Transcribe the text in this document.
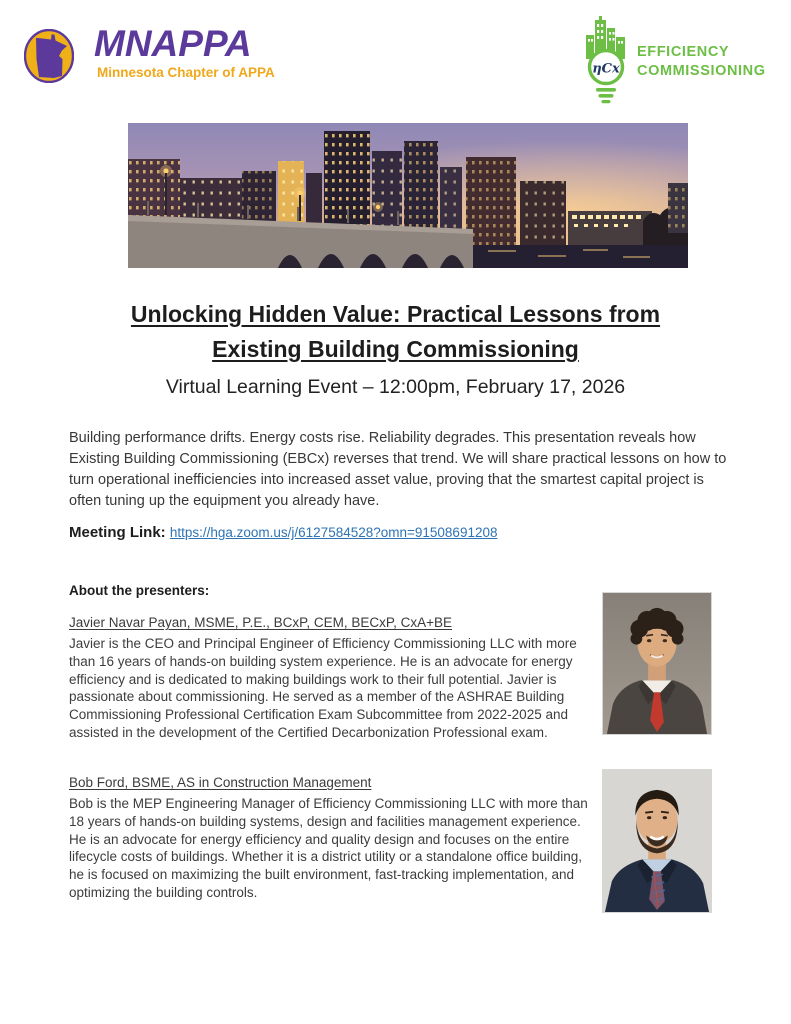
MNAPPA
Minnesota Chapter of APPA	ηCx
EFFICIENCY
COMMISSIONING
Unlocking Hidden Value: Practical Lessons from
Existing Building Commissioning
Virtual Learning Event – 12:00pm, February 17, 2026
Building performance drifts. Energy costs rise. Reliability degrades. This presentation reveals how Existing Building Commissioning (EBCx) reverses that trend. We will share practical lessons on how to turn operational inefficiencies into increased asset value, proving that the smartest capital project is often tuning up the equipment you already have.
Meeting Link: https://hga.zoom.us/j/6127584528?omn=91508691208
About the presenters:
Javier Navar Payan, MSME, P.E., BCxP, CEM, BECxP, CxA+BE
Javier is the CEO and Principal Engineer of Efficiency Commissioning LLC with more than 16 years of hands-on building system experience. He is an advocate for energy efficiency and is dedicated to making buildings work to their full potential. Javier is passionate about commissioning. He served as a member of the ASHRAE Building Commissioning Professional Certification Exam Subcommittee from 2022-2025 and assisted in the development of the Certified Decarbonization Professional exam.
Bob Ford, BSME, AS in Construction Management
Bob is the MEP Engineering Manager of Efficiency Commissioning LLC with more than 18 years of hands-on building systems, design and facilities management experience. He is an advocate for energy efficiency and quality design and focuses on the entire lifecycle costs of buildings. Whether it is a district utility or a standalone office building, he is focused on maximizing the built environment, fast-tracking implementation, and optimizing the building controls.
